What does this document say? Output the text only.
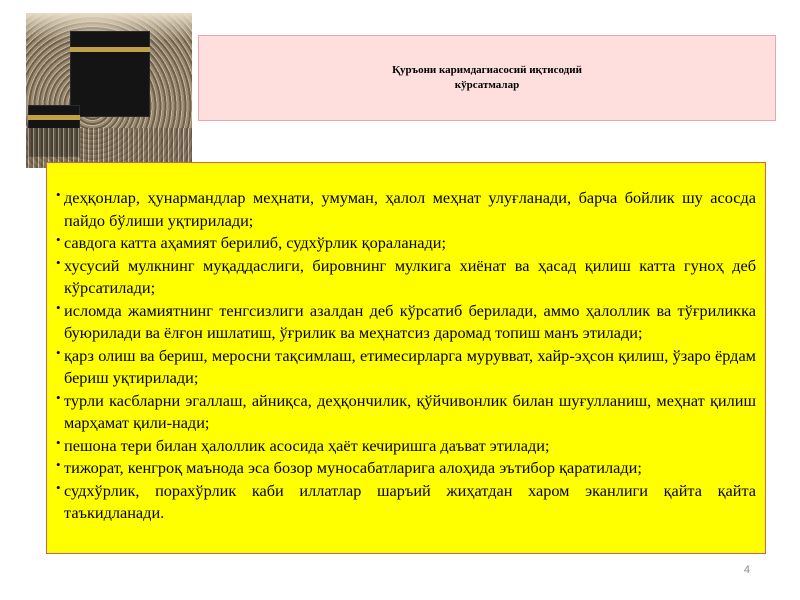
Қуръони каримдагиасосий иқтисодий
кўрсатмалар
• деҳқонлар, ҳунармандлар меҳнати, умуман, ҳалол меҳнат улуғланади, барча бойлик шу асосда пайдо бўлиши уқтирилади;
• савдога катта аҳамият берилиб, судхўрлик қораланади;
• хусусий мулкнинг муқаддаслиги, бировнинг мулкига хиёнат ва ҳасад қилиш катта гуноҳ деб кўрсатилади;
• исломда жамиятнинг тенгсизлиги азалдан деб кўрсатиб берилади, аммо ҳалоллик ва тўғриликка буюрилади ва ёлғон ишлатиш, ўғрилик ва меҳнатсиз даромад топиш манъ этилади;
• қарз олиш ва бериш, меросни тақсимлаш, етимесирларга мурувват, хайр-эҳсон қилиш, ўзаро ёрдам бериш уқтирилади;
• турли касбларни эгаллаш, айниқса, деҳқончилик, қўйчивонлик билан шуғулланиш, меҳнат қилиш марҳамат қили-нади;
• пешона тери билан ҳалоллик асосида ҳаёт кечиришга даъват этилади;
• тижорат, кенгроқ маънода эса бозор муносабатларига алоҳида эътибор қаратилади;
• судхўрлик, порахўрлик каби иллатлар шаръий жиҳатдан харом эканлиги қайта қайта таъкидланади.
4
